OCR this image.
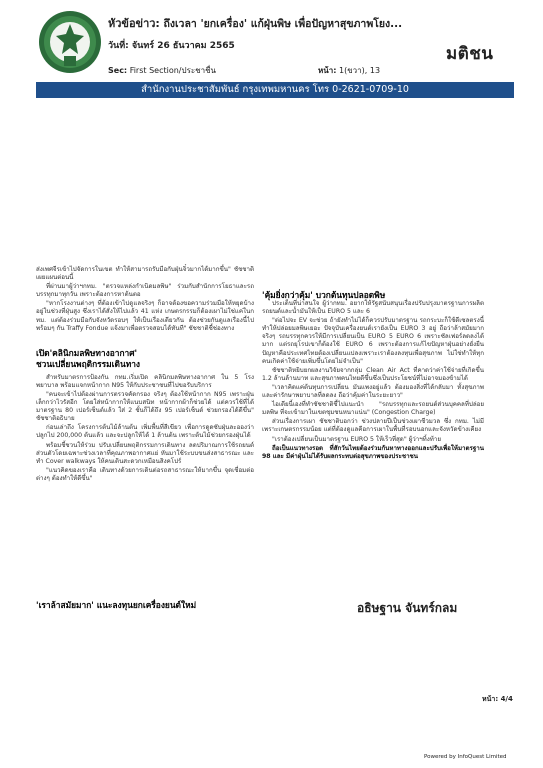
หัวข้อข่าว: ถึงเวลา 'ยกเครื่อง' แก้ฝุ่นพิษ เพื่อปัญหาสุขภาพโยง...
วันที่: จันทร์ 26 ธันวาคม 2565
Sec: First Section/ประชาชื่น	หน้า: 1(ขวา), 13
มติชน
สำนักงานประชาสัมพันธ์ กรุงเทพมหานคร โทร 0-2621-0709-10

ส่งเพศจีรเข้าไปจัดการในเขต ทำให้สามารถรับมือกับฝุ่นจิ๋วมากได้มากขึ้น" ชัชชาติเผยแผนต่อนนี้

ที่ผ่านมาผู้ว่าฯกทม. "ตรวจแหล่งกำเนิดมลพิษ" ร่วมกับสำนักการโยธาและรถบรรทุกมาทุกวัน เพราะต้องการหาต้นตอ

"หากโรงงานต่างๆ ที่ต้องเข้าไปดูแลจริงๆ ก็อาจต้องขอความร่วมมือให้หยุดบ้างอยู่ในช่วงที่ฝุ่นสูง ซึ่งเราได้สั่งให้ไปแล้ว 41 แห่ง เกษตรกรรมก็ต้องเผาไม่ใช่แค่ในกทม. แต่ต้องร่วมมือกับจังหวัดรอบๆ ให้เป็นเรื่องเดียวกัน ต้องช่วยกันดูแลเรื่องนี้ไปพร้อมๆ กัน Traffy Fondue แจ้งมาเพื่อตรวจสอบได้ทันที" ชัชชาติชี้ช่องทาง

เปิด'คลินิกมลพิษทางอากาศ'
ชวนเปลี่ยนพฤติกรรมเดินทาง

สำหรับมาตรการป้องกัน กทม.เริ่มเปิด คลินิกมลพิษทางอากาศ ใน 5 โรงพยาบาล พร้อมแจกหน้ากาก N95 ให้กับประชาชนที่ไปขอรับบริการ

"คนจะเข้าไปต้องผ่านการตรวจคัดกรอง จริงๆ ต้องใช้หน้ากาก N95 เพราะฝุ่นเล็กกว่าไวรัสอีก โดยใส่หน้ากากให้แนบสนิท หน้ากากผ้าก็ช่วยได้ แต่ควรใช้ที่ได้มาตรฐาน 80 เปอร์เซ็นต์แล้ว ใส่ 2 ชั้นก็ได้ถึง 95 เปอร์เซ็นต์ ช่วยกรองได้ดีขึ้น" ชัชชาติอธิบาย

ก่อนเล่าถึง โครงการต้นไม้ล้านต้น เพิ่มพื้นที่สีเขียว เพื่อการดูดซับฝุ่นละอองว่า ปลูกไป 200,000 ต้นแล้ว และจะปลูกให้ได้ 1 ล้านต้น เพราะต้นไม้ช่วยกรองฝุ่นได้

พร้อมชี้ชวนให้ร่วม ปรับเปลี่ยนพฤติกรรมการเดินทาง ลดปริมาณการใช้รถยนต์ส่วนตัวโดยเฉพาะช่วงเวลาที่คุณภาพอากาศแย่ หันมาใช้ระบบขนส่งสาธารณะ และทำ Cover walkways ให้คนเดินสะดวกเหมือนสิงคโปร์

"แนวคิดของเราคือ เดินทางด้วยการเดินต่อรถสาธารณะให้มากขึ้น จุดเชื่อมต่อต่างๆ ต้องทำให้ดีขึ้น"

'เราล้าสมัยมาก' แนะลงทุนยกเครื่องยนต์ใหม่
'คุ้มยิ่งกว่าคุ้ม' บวกต้นทุนปลอดพิษ

ประเด็นที่น่าสนใจ ผู้ว่ากทม. อยากให้รัฐสนับสนุนเรื่องปรับปรุงมาตรฐานการผลิตรถยนต์และน้ำมันให้เป็น EURO 5 และ 6

"ต่อไปจะ EV จะช่วย ถ้ายังทำไม่ได้ก็ควรปรับมาตรฐาน รถกระบะก็ใช้ดีเซลตรงนี้ทำให้ปล่อยมลพิษเยอะ ปัจจุบันเครื่องยนต์เรายังเป็น EURO 3 อยู่ ถือว่าล้าสมัยมาก จริงๆ รถบรรทุกควรให้มีการเปลี่ยนเป็น EURO 5 EURO 6 เพราะซัลเฟอร์ลดลงได้มาก แต่รถยุโรปเขาก็ต้องใช้ EURO 6 เพราะต้องการแก้ไขปัญหาฝุ่นอย่างยั่งยืน ปัญหาคือประเทศไทยต้องเปลี่ยนแปลงเพราะเราต้องลงทุนเพื่อสุขภาพ ไม่ใช่ทำให้ทุกคนเกิดค่าใช้จ่ายเพิ่มขึ้นโดยไม่จำเป็น"

ชัชชาติหยิบยกผลงานวิจัยจากกลุ่ม Clean Air Act ที่คาดว่าค่าใช้จ่ายที่เกิดขึ้น 1.2 ล้านล้านบาท และสุขภาพคนไทยดีขึ้นซึ่งเป็นประโยชน์ที่ไม่อาจมองข้ามได้

"เวลาคิดแค่ต้นทุนการเปลี่ยน มันแพงอยู่แล้ว ต้องมองสิ่งที่ได้กลับมา ทั้งสุขภาพและค่ารักษาพยาบาลที่ลดลง ถือว่าคุ้มค่าในระยะยาว"

ไอเดียนี้เองที่ทำชัชชาติชี้ไปแนะนำ "รถบรรทุกและรถยนต์ส่วนบุคคลที่ปล่อยมลพิษ ที่จะเข้ามาในเขตชุมชนหนาแน่น" (Congestion Charge)

ส่วนเรื่องการเผา ชัชชาติบอกว่า ช่วงปลายปีเป็นช่วงเผาชีวมวล ซึ่ง กทม. ไม่มีเพราะเกษตรกรรมน้อย แต่ที่ต้องดูแลคือการเผาในพื้นที่รอบนอกและจังหวัดข้างเคียง

"เราต้องเปลี่ยนเป็นมาตรฐาน EURO 5 ให้เร็วที่สุด" ผู้ว่าฯทิ้งท้าย

ถือเป็นแนวทางรอด ที่สักวันไทยต้องร่วมกันหาทางออกและปรับเพื่อให้มาตรฐาน 98 และ มีค่าฝุ่นไม่ได้รับผลกระทบต่อสุขภาพของประชาชน

อธิษฐาน จันทร์กลม
หน้า: 4/4
Powered by InfoQuest Limited
